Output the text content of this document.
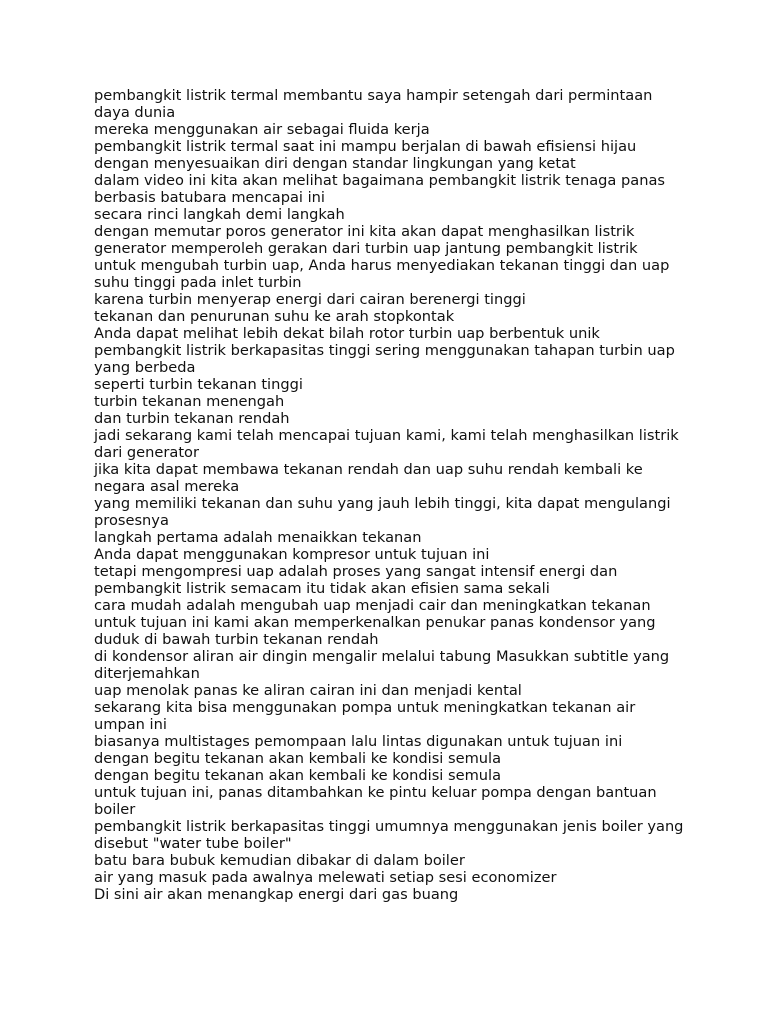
pembangkit listrik termal membantu saya hampir setengah dari permintaan daya dunia

mereka menggunakan air sebagai fluida kerja

pembangkit listrik termal saat ini mampu berjalan di bawah efisiensi hijau dengan menyesuaikan diri dengan standar lingkungan yang ketat

dalam video ini kita akan melihat bagaimana pembangkit listrik tenaga panas berbasis batubara mencapai ini

secara rinci langkah demi langkah

dengan memutar poros generator ini kita akan dapat menghasilkan listrik

generator memperoleh gerakan dari turbin uap jantung pembangkit listrik

untuk mengubah turbin uap, Anda harus menyediakan tekanan tinggi dan uap suhu tinggi pada inlet turbin

karena turbin menyerap energi dari cairan berenergi tinggi

tekanan dan penurunan suhu ke arah stopkontak

Anda dapat melihat lebih dekat bilah rotor turbin uap berbentuk unik

pembangkit listrik berkapasitas tinggi sering menggunakan tahapan turbin uap yang berbeda

seperti turbin tekanan tinggi

turbin tekanan menengah

dan turbin tekanan rendah

jadi sekarang kami telah mencapai tujuan kami, kami telah menghasilkan listrik dari generator

jika kita dapat membawa tekanan rendah dan uap suhu rendah kembali ke negara asal mereka

yang memiliki tekanan dan suhu yang jauh lebih tinggi, kita dapat mengulangi prosesnya

langkah pertama adalah menaikkan tekanan

Anda dapat menggunakan kompresor untuk tujuan ini

tetapi mengompresi uap adalah proses yang sangat intensif energi dan pembangkit listrik semacam itu tidak akan efisien sama sekali

cara mudah adalah mengubah uap menjadi cair dan meningkatkan tekanan

untuk tujuan ini kami akan memperkenalkan penukar panas kondensor yang duduk di bawah turbin tekanan rendah

di kondensor aliran air dingin mengalir melalui tabung Masukkan subtitle yang diterjemahkan

uap menolak panas ke aliran cairan ini dan menjadi kental

sekarang kita bisa menggunakan pompa untuk meningkatkan tekanan air umpan ini

biasanya multistages pemompaan lalu lintas digunakan untuk tujuan ini

dengan begitu tekanan akan kembali ke kondisi semula

dengan begitu tekanan akan kembali ke kondisi semula

untuk tujuan ini, panas ditambahkan ke pintu keluar pompa dengan bantuan boiler

pembangkit listrik berkapasitas tinggi umumnya menggunakan jenis boiler yang disebut "water tube boiler"

batu bara bubuk kemudian dibakar di dalam boiler

air yang masuk pada awalnya melewati setiap sesi economizer

Di sini air akan menangkap energi dari gas buang
